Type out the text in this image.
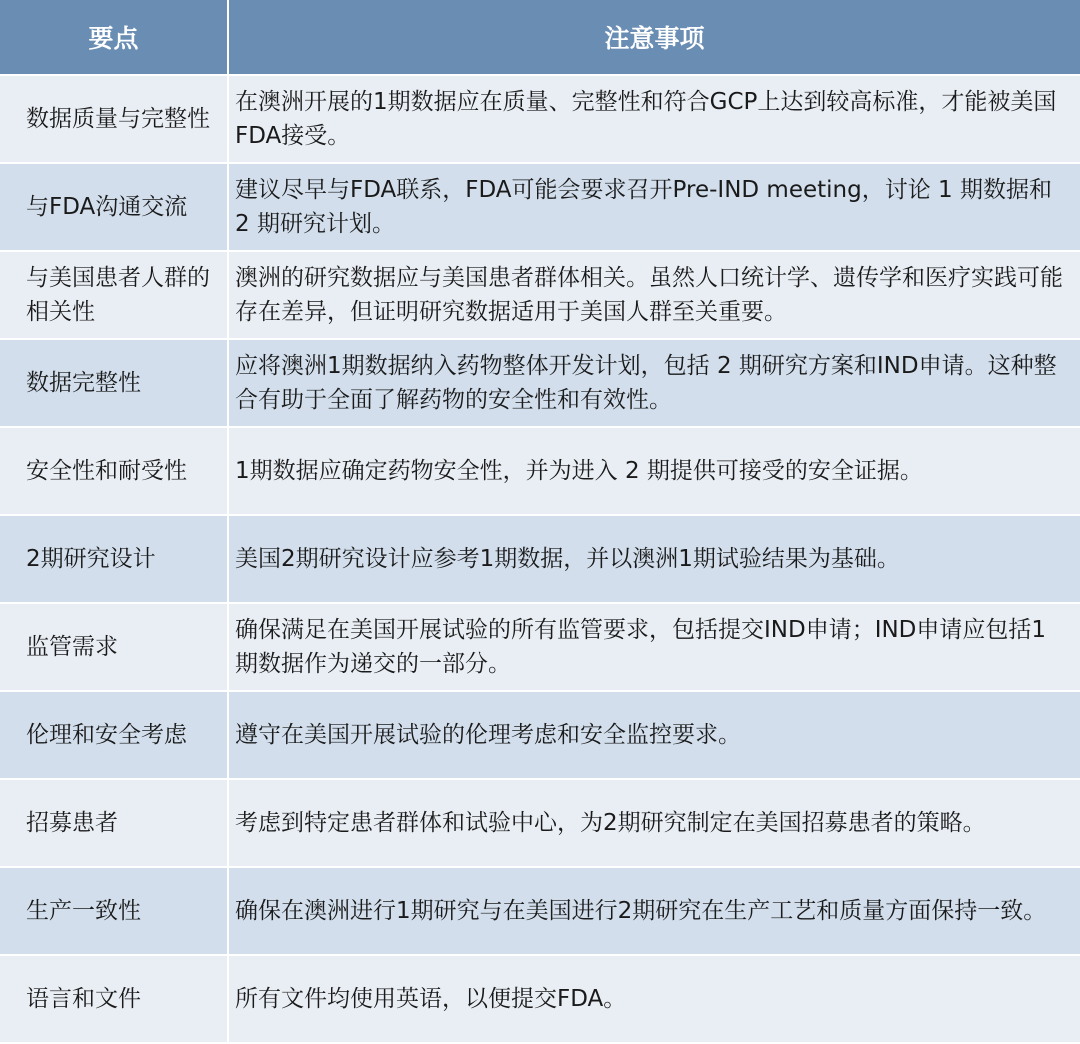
要点	注意事项
数据质量与完整性	在澳洲开展的1期数据应在质量、完整性和符合GCP上达到较高标准，才能被美国FDA接受。
与FDA沟通交流	建议尽早与FDA联系，FDA可能会要求召开Pre-IND meeting，讨论 1 期数据和 2 期研究计划。
与美国患者人群的相关性	澳洲的研究数据应与美国患者群体相关。虽然人口统计学、遗传学和医疗实践可能存在差异，但证明研究数据适用于美国人群至关重要。
数据完整性	应将澳洲1期数据纳入药物整体开发计划，包括 2 期研究方案和IND申请。这种整合有助于全面了解药物的安全性和有效性。
安全性和耐受性	1期数据应确定药物安全性，并为进入 2 期提供可接受的安全证据。
2期研究设计	美国2期研究设计应参考1期数据，并以澳洲1期试验结果为基础。
监管需求	确保满足在美国开展试验的所有监管要求，包括提交IND申请；IND申请应包括1期数据作为递交的一部分。
伦理和安全考虑	遵守在美国开展试验的伦理考虑和安全监控要求。
招募患者	考虑到特定患者群体和试验中心，为2期研究制定在美国招募患者的策略。
生产一致性	确保在澳洲进行1期研究与在美国进行2期研究在生产工艺和质量方面保持一致。
语言和文件	所有文件均使用英语，以便提交FDA。
